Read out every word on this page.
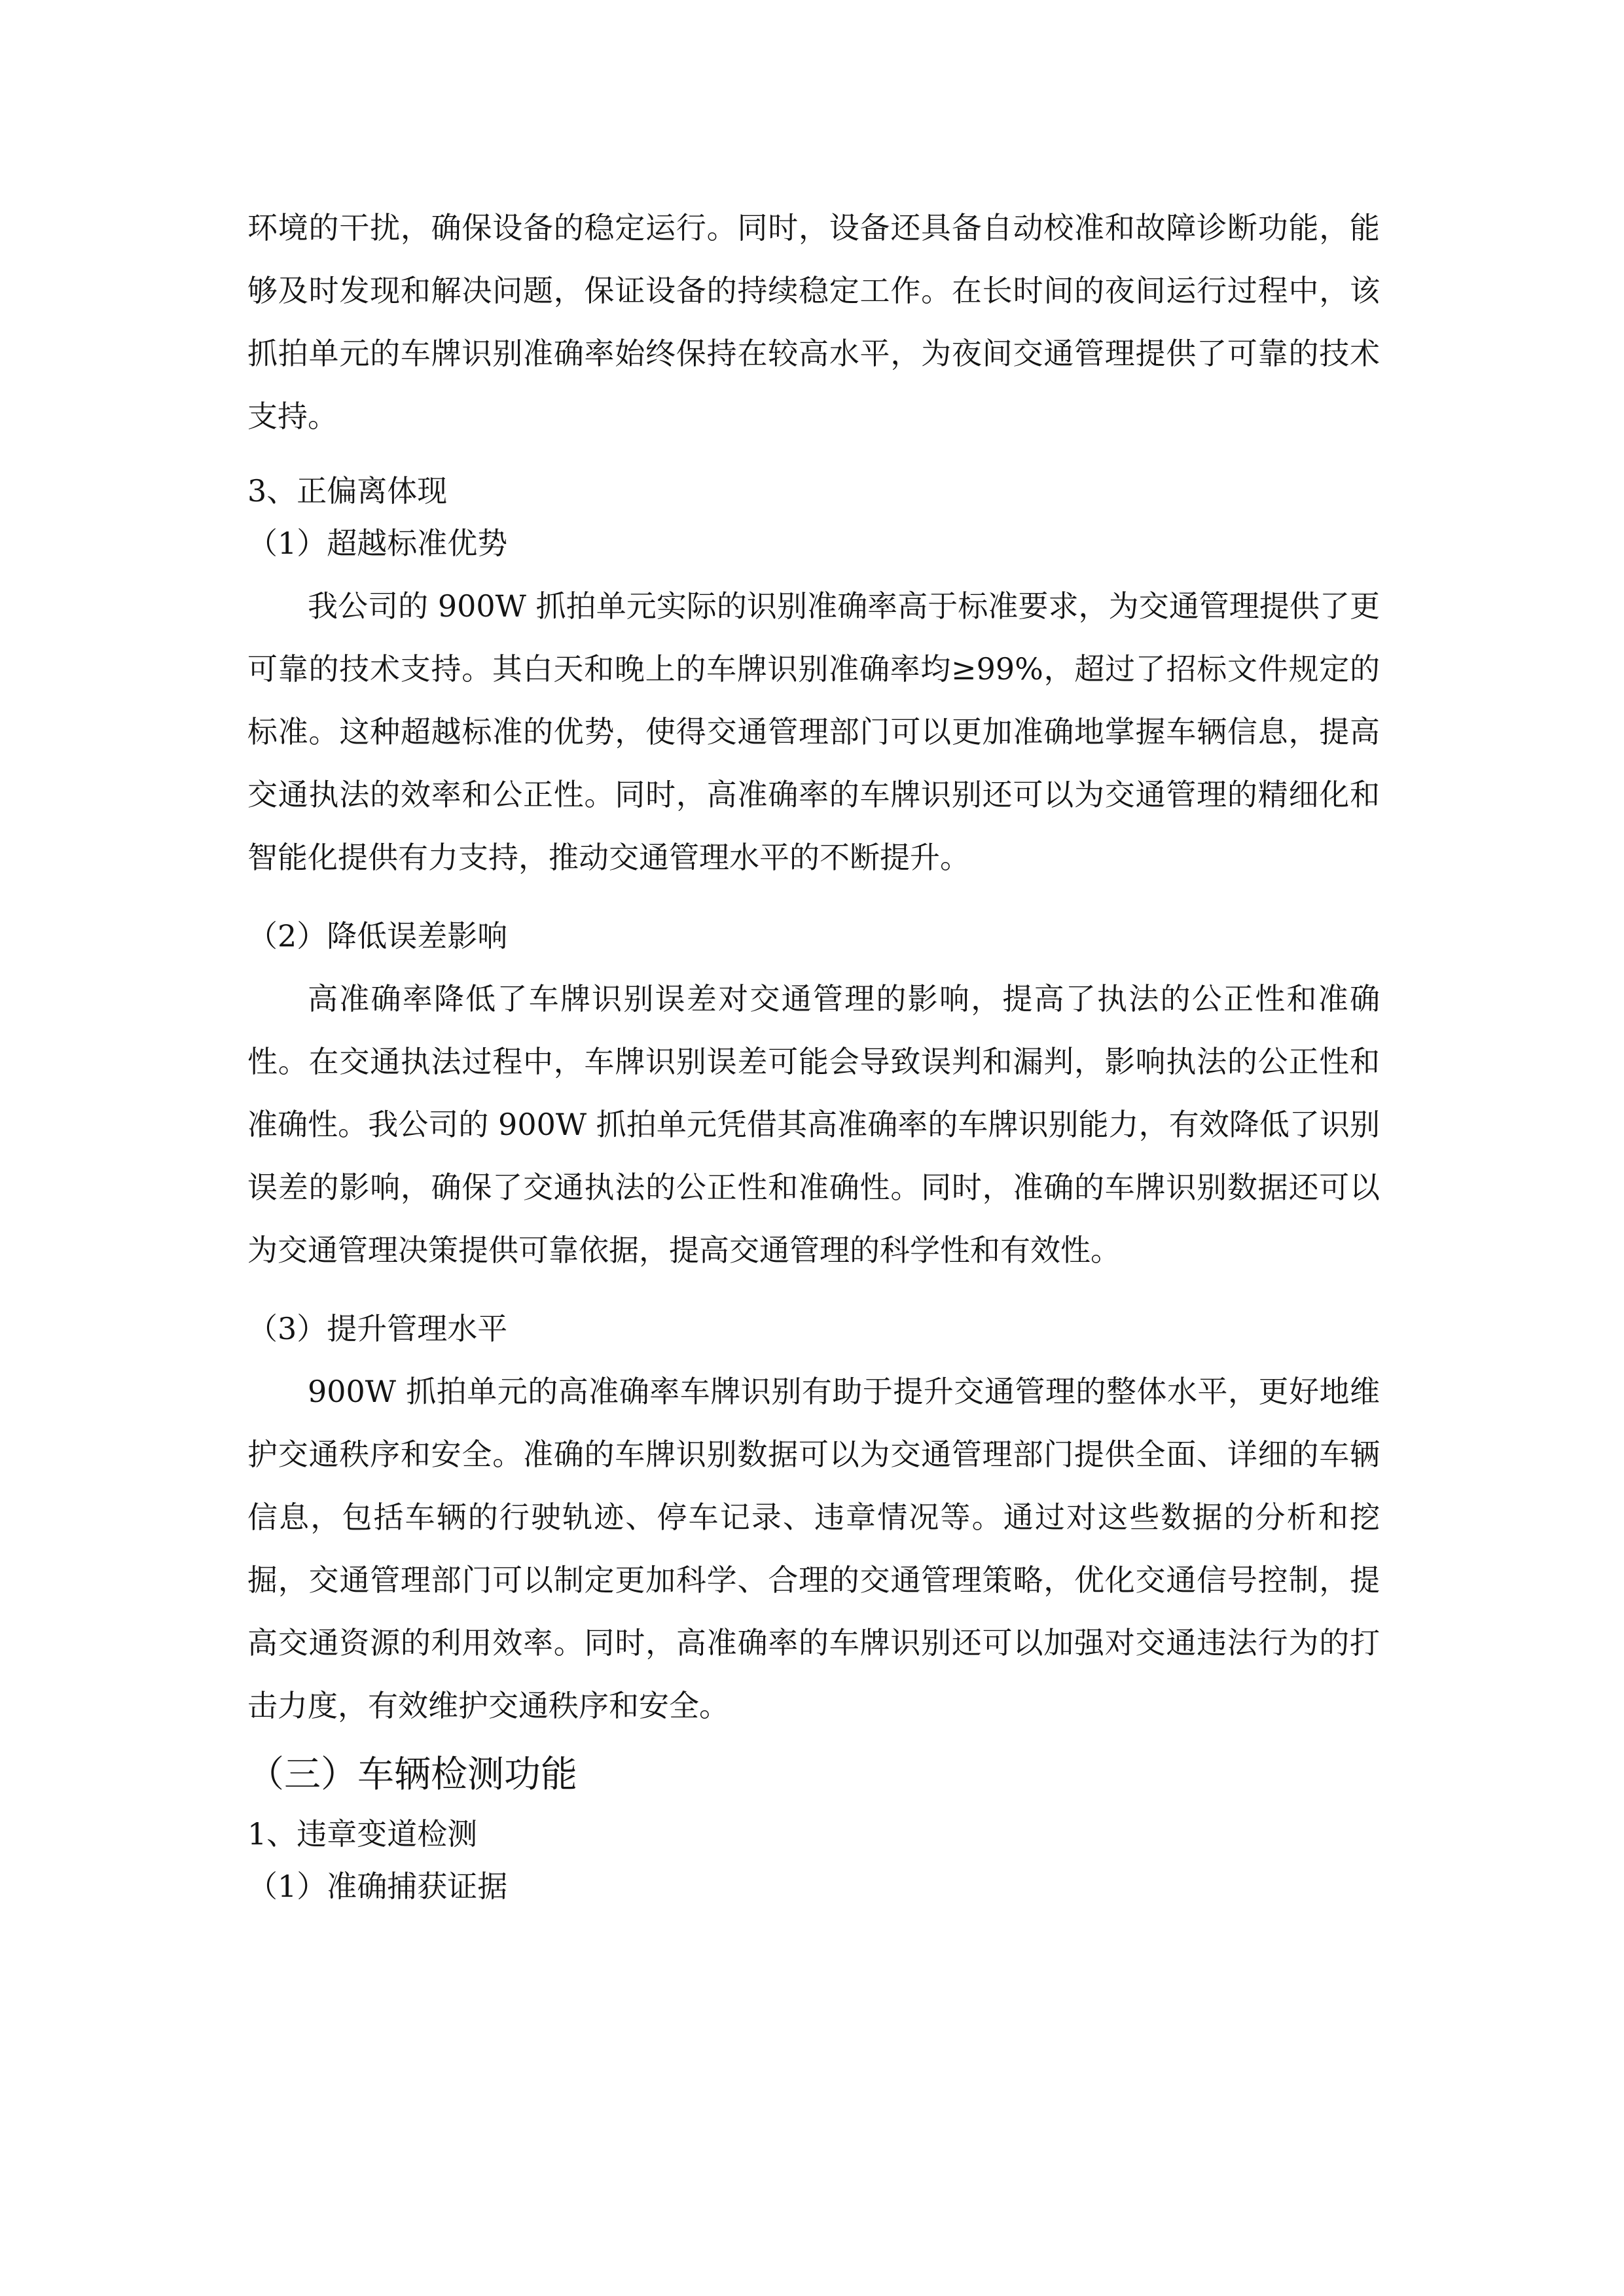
环境的干扰，确保设备的稳定运行。同时，设备还具备自动校准和故障诊断功能，能够及时发现和解决问题，保证设备的持续稳定工作。在长时间的夜间运行过程中，该抓拍单元的车牌识别准确率始终保持在较高水平，为夜间交通管理提供了可靠的技术支持。

3、正偏离体现

（1）超越标准优势

我公司的 900W 抓拍单元实际的识别准确率高于标准要求，为交通管理提供了更可靠的技术支持。其白天和晚上的车牌识别准确率均≥99%，超过了招标文件规定的标准。这种超越标准的优势，使得交通管理部门可以更加准确地掌握车辆信息，提高交通执法的效率和公正性。同时，高准确率的车牌识别还可以为交通管理的精细化和智能化提供有力支持，推动交通管理水平的不断提升。

（2）降低误差影响

高准确率降低了车牌识别误差对交通管理的影响，提高了执法的公正性和准确性。在交通执法过程中，车牌识别误差可能会导致误判和漏判，影响执法的公正性和准确性。我公司的 900W 抓拍单元凭借其高准确率的车牌识别能力，有效降低了识别误差的影响，确保了交通执法的公正性和准确性。同时，准确的车牌识别数据还可以为交通管理决策提供可靠依据，提高交通管理的科学性和有效性。

（3）提升管理水平

900W 抓拍单元的高准确率车牌识别有助于提升交通管理的整体水平，更好地维护交通秩序和安全。准确的车牌识别数据可以为交通管理部门提供全面、详细的车辆信息，包括车辆的行驶轨迹、停车记录、违章情况等。通过对这些数据的分析和挖掘，交通管理部门可以制定更加科学、合理的交通管理策略，优化交通信号控制，提高交通资源的利用效率。同时，高准确率的车牌识别还可以加强对交通违法行为的打击力度，有效维护交通秩序和安全。

（三）车辆检测功能

1、违章变道检测

（1）准确捕获证据
